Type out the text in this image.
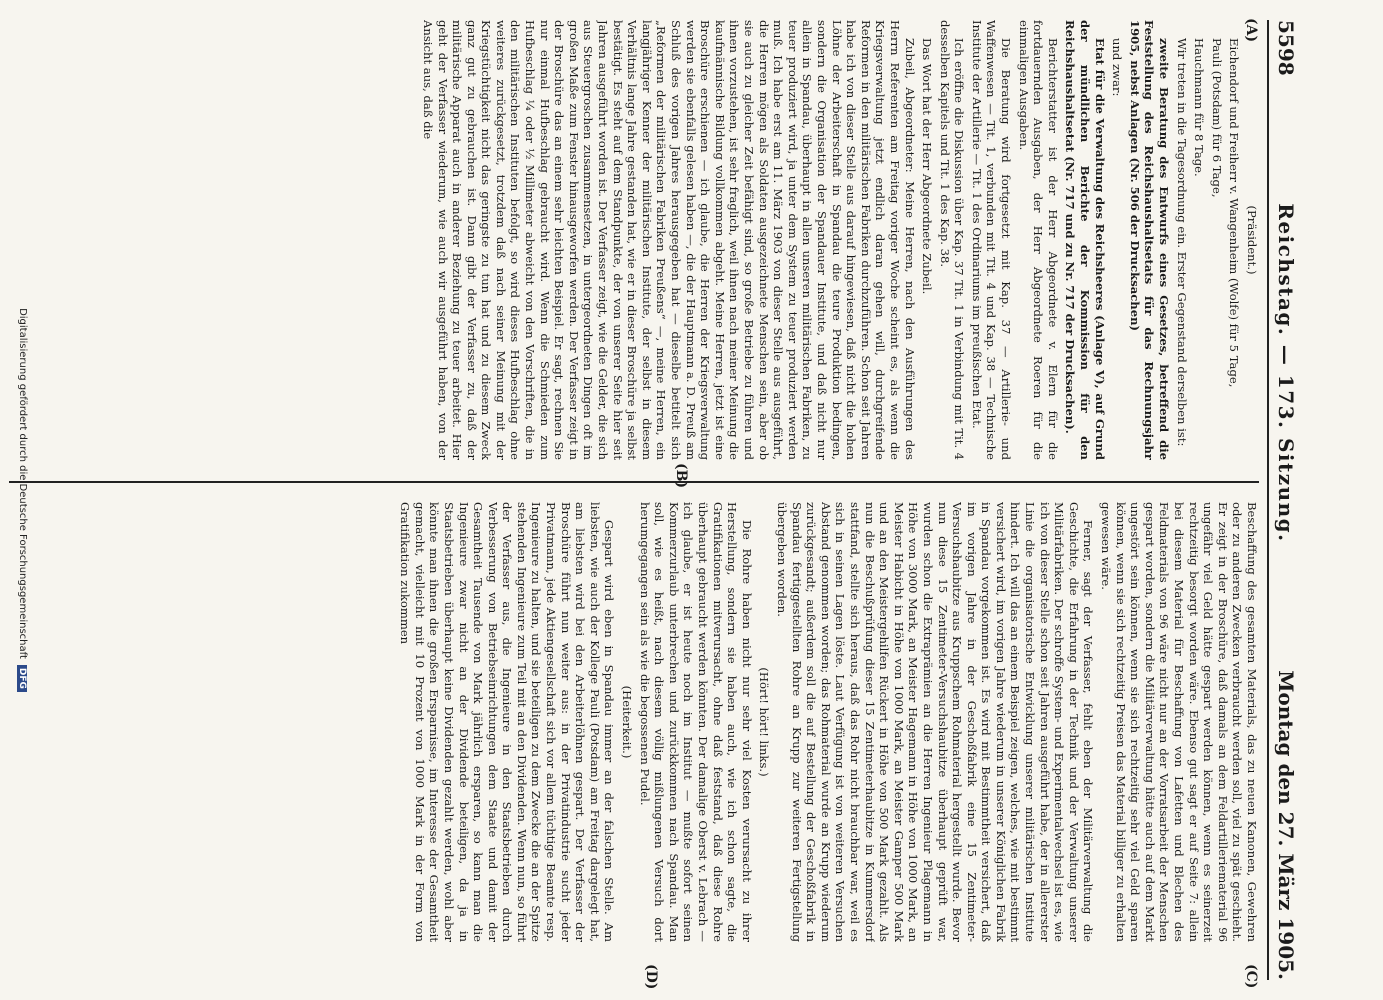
5598
Reichstag. — 173. Sitzung.
Montag den 27. März 1905.

(Präsident.)

Eichendorf und Freiherr v. Wangenheim (Wolfe) für 5 Tage,

Pauli (Potsdam) für 6 Tage,

Hauchmann für 8 Tage.

Wir treten in die Tagesordnung ein. Erster Gegenstand derselben ist:

zweite Beratung des Entwurfs eines Gesetzes, betreffend die Feststellung des Reichshaushaltsetats für das Rechnungsjahr 1905, nebst Anlagen (Nr. 506 der Drucksachen)

und zwar:

Etat für die Verwaltung des Reichsheeres (Anlage V), auf Grund der mündlichen Berichte der Kommission für den Reichshaushaltsetat (Nr. 717 und zu Nr. 717 der Drucksachen).

Berichterstatter ist der Herr Abgeordnete v. Elern für die fortdauernden Ausgaben, der Herr Abgeordnete Roeren für die einmaligen Ausgaben.

Die Beratung wird fortgesetzt mit Kap. 37 — Artillerie- und Waffenwesen — Tit. 1, verbunden mit Tit. 4 und Kap. 38 — Technische Institute der Artillerie — Tit. 1 des Ordinariums im preußischen Etat.

Ich eröffne die Diskussion über Kap. 37 Tit. 1 in Verbindung mit Tit. 4 desselben Kapitels und Tit. 1 des Kap. 38.

Das Wort hat der Herr Abgeordnete Zubeil.

Zubeil, Abgeordneter: Meine Herren, nach den Ausführungen des Herrn Referenten am Freitag voriger Woche scheint es, als wenn die Kriegsverwaltung jetzt endlich daran gehen will, durchgreifende Reformen in den militärischen Fabriken durchzuführen. Schon seit Jahren habe ich von dieser Stelle aus darauf hingewiesen, daß nicht die hohen Löhne der Arbeiterschaft in Spandau die teure Produktion bedingen, sondern die Organisation der Spandauer Institute, und daß nicht nur allein in Spandau, überhaupt in allen unseren militärischen Fabriken, zu teuer produziert wird, ja unter dem System zu teuer produziert werden muß. Ich habe erst am 11. März 1903 von dieser Stelle aus ausgeführt, die Herren mögen als Soldaten ausgezeichnete Menschen sein, aber ob sie auch zu gleicher Zeit befähigt sind, so große Betriebe zu führen und ihnen vorzustehen, ist sehr fraglich, weil ihnen nach meiner Meinung die kaufmännische Bildung vollkommen abgeht. Meine Herren, jetzt ist eine Broschüre erschienen — ich glaube, die Herren der Kriegsverwaltung werden sie ebenfalls gelesen haben —, die der Hauptmann a. D. Preuß am Schluß des vorigen Jahres herausgegeben hat — dieselbe betitelt sich „Reformen der militärischen Fabriken Preußens“ —, meine Herren, ein langjähriger Kenner der militärischen Institute, der selbst in diesem Verhältnis lange Jahre gestanden hat, wie er in dieser Broschüre ja selbst bestätigt. Es steht auf dem Standpunkte, der von unserer Seite hier seit Jahren ausgeführt worden ist. Der Verfasser zeigt, wie die Gelder, die sich aus Steuergroschen zusammensetzen, in untergeordneten Dingen oft im großen Maße zum Fenster hinausgeworfen werden. Der Verfasser zeigt in der Broschüre das an einem sehr leichten Beispiel. Er sagt, rechnen Sie nur einmal Hufbeschlag gebraucht wird. Wenn die Schmieden zum Hufbeschlag ¼ oder ½ Millimeter abweicht von den Vorschriften, die in den militärischen Instituten befolgt, so wird dieses Hufbeschlag ohne weiteres zurückgesetzt, trotzdem daß nach seiner Meinung mit der Kriegstüchtigkeit nicht das geringste zu tun hat und zu diesem Zweck ganz gut zu gebrauchen ist. Dann gibt der Verfasser zu, daß der militärische Apparat auch in anderer Beziehung zu teuer arbeitet. Hier geht der Verfasser wiederum, wie auch wir ausgeführt haben, von der Ansicht aus, daß die

Beschaffung des gesamten Materials, das zu neuen Kanonen, Gewehren oder zu anderen Zwecken verbraucht werden soll, viel zu spät geschieht. Er zeigt in der Broschüre, daß damals an dem Feldartilleriematerial 96 ungefähr viel Geld hätte gespart werden können, wenn es seinerzeit rechtzeitig besorgt worden wäre. Ebenso gut sagt er auf Seite 7: allein bei diesem Material für Beschaffung von Lafetten und Blechen des Feldmaterials von 96 wäre nicht nur an der Vorratsarbeit der Menschen gespart worden, sondern die Militärverwaltung hätte auch auf dem Markt ungestört sein können, wenn sie sich rechtzeitig sehr viel Geld sparen können, wenn sie sich rechtzeitig Preisen das Material billiger zu erhalten gewesen wäre.

Ferner, sagt der Verfasser, fehlt eben der Militärverwaltung die Geschichte, die Erfahrung in der Technik und der Verwaltung unserer Militärfabriken. Der schroffe System- und Experimentalwechsel ist es, wie ich von dieser Stelle schon seit Jahren ausgeführt habe, der in allererster Linie die organisatorische Entwicklung unserer militärischen Institute hindert. Ich will das an einem Beispiel zeigen, welches, wie mit bestimmt versichert wird, im vorigen Jahre wiederum in unserer Königlichen Fabrik in Spandau vorgekommen ist. Es wird mit Bestimmtheit versichert, daß im vorigen Jahre in der Geschoßfabrik eine 15 Zentimeter-Versuchshaubitze aus Kruppschem Rohmaterial hergestellt wurde. Bevor nun diese 15 Zentimeter-Versuchshaubitze überhaupt geprüft war, wurden schon die Extraprämien an die Herren Ingenieur Plagemann in Höhe von 3000 Mark, an Meister Hagemann in Höhe von 1000 Mark, an Meister Habicht in Höhe von 1000 Mark, an Meister Gamper 500 Mark und an den Meistergehilfen Rückert in Höhe von 500 Mark gezahlt. Als nun die Beschußprüfung dieser 15 Zentimeterhaubitze in Kummersdorf stattfand, stellte sich heraus, daß das Rohr nicht brauchbar war, weil es sich in seinen Lagen löste. Laut Verfügung ist von weiteren Versuchen Abstand genommen worden; das Rohmaterial wurde an Krupp wiederum zurückgesandt; außerdem soll die auf Bestellung der Geschoßfabrik in Spandau fertiggestellten Rohre an Krupp zur weiteren Fertigstellung übergeben worden.

(Hört! hört! links.)

Die Rohre haben nicht nur sehr viel Kosten verursacht zu ihrer Herstellung, sondern sie haben auch, wie ich schon sagte, die Gratifikationen mitverursacht, ohne daß feststand, daß diese Rohre überhaupt gebraucht werden könnten. Der damalige Oberst v. Lebrach — ich glaube, er ist heute noch im Institut — mußte sofort seinen Kommerzurlaub unterbrechen und zurückkommen nach Spandau. Man soll, wie es heißt, nach diesem völlig mißlungenen Versuch dort herumgegangen sein als wie die begossenen Pudel.

(Heiterkeit.)

Gespart wird eben in Spandau immer an der falschen Stelle. Am liebsten, wie auch der Kollege Pauli (Potsdam) am Freitag dargelegt hat, am liebsten wird bei den Arbeiterlöhnen gespart. Der Verfasser der Broschüre führt nun weiter aus: in der Privatindustrie sucht jeder Privatmann, jede Aktiengesellschaft sich vor allem tüchtige Beamte resp. Ingenieure zu halten, und sie beteiligen zu dem Zwecke die an der Spitze stehenden Ingenieure zum Teil mit an den Dividenden. Wenn nun, so führt der Verfasser aus, die Ingenieure in den Staatsbetrieben durch Verbesserung von Betriebseinrichtungen dem Staate und damit der Gesamtheit Tausende von Mark jährlich ersparen, so kann man die Ingenieure zwar nicht an der Dividende beteiligen, da ja in Staatsbetrieben überhaupt keine Dividenden gezahlt werden, wohl aber könnte man ihnen die großen Ersparnisse, im Interesse der Gesamtheit gemacht, vielleicht mit 10 Prozent von 1000 Mark in der Form von Gratifikation zukommen

(A)
(B)
(C)
(D)
Digitalisierung gefördert durch die Deutsche ForschungsgemeinschaftDFG
